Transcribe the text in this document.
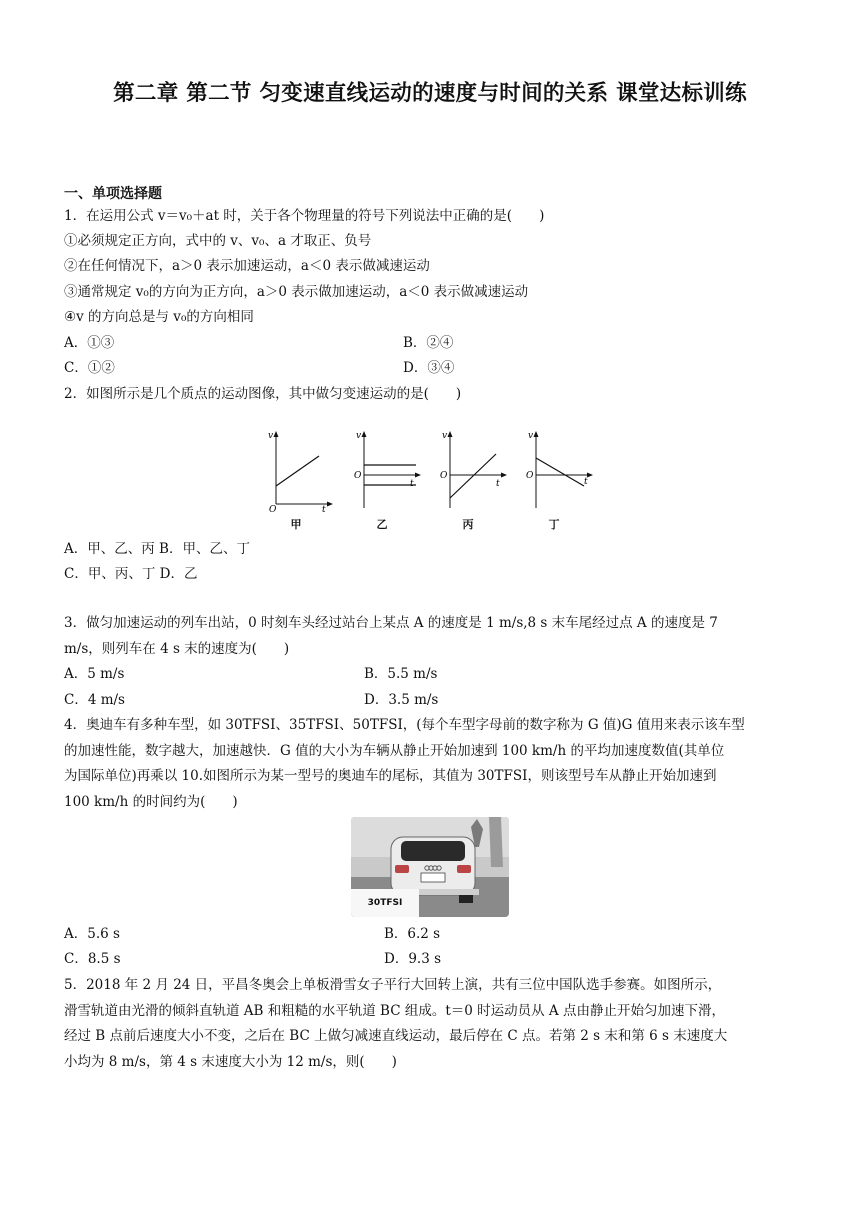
第二章 第二节 匀变速直线运动的速度与时间的关系 课堂达标训练
一、单项选择题
1．在运用公式 v＝v₀＋at 时，关于各个物理量的符号下列说法中正确的是(　　)
①必须规定正方向，式中的 v、v₀、a 才取正、负号
②在任何情况下，a＞0 表示加速运动，a＜0 表示做减速运动
③通常规定 v₀的方向为正方向，a＞0 表示做加速运动，a＜0 表示做减速运动
④v 的方向总是与 v₀的方向相同
A．①③	B．②④
C．①②	D．③④
2．如图所示是几个质点的运动图像，其中做匀变速运动的是(　　)
v
O	t
甲
v
O
t
乙
v
O
t
丙
v
O
t
丁
A．甲、乙、丙 B．甲、乙、丁
C．甲、丙、丁 D．乙
3．做匀加速运动的列车出站，0 时刻车头经过站台上某点 A 的速度是 1 m/s,8 s 末车尾经过点 A 的速度是 7
m/s，则列车在 4 s 末的速度为(　　)
A．5 m/s	B．5.5 m/s
C．4 m/s	D．3.5 m/s
4．奥迪车有多种车型，如 30TFSI、35TFSI、50TFSI，(每个车型字母前的数字称为 G 值)G 值用来表示该车型
的加速性能，数字越大，加速越快．G 值的大小为车辆从静止开始加速到 100 km/h 的平均加速度数值(其单位
为国际单位)再乘以 10.如图所示为某一型号的奥迪车的尾标，其值为 30TFSI，则该型号车从静止开始加速到
100 km/h 的时间约为(　　)
30TFSI
A．5.6 s	B．6.2 s
C．8.5 s	D．9.3 s
5．2018 年 2 月 24 日，平昌冬奥会上单板滑雪女子平行大回转上演，共有三位中国队选手参赛。如图所示，
滑雪轨道由光滑的倾斜直轨道 AB 和粗糙的水平轨道 BC 组成。t＝0 时运动员从 A 点由静止开始匀加速下滑，
经过 B 点前后速度大小不变，之后在 BC 上做匀减速直线运动，最后停在 C 点。若第 2 s 末和第 6 s 末速度大
小均为 8 m/s，第 4 s 末速度大小为 12 m/s，则(　　)
